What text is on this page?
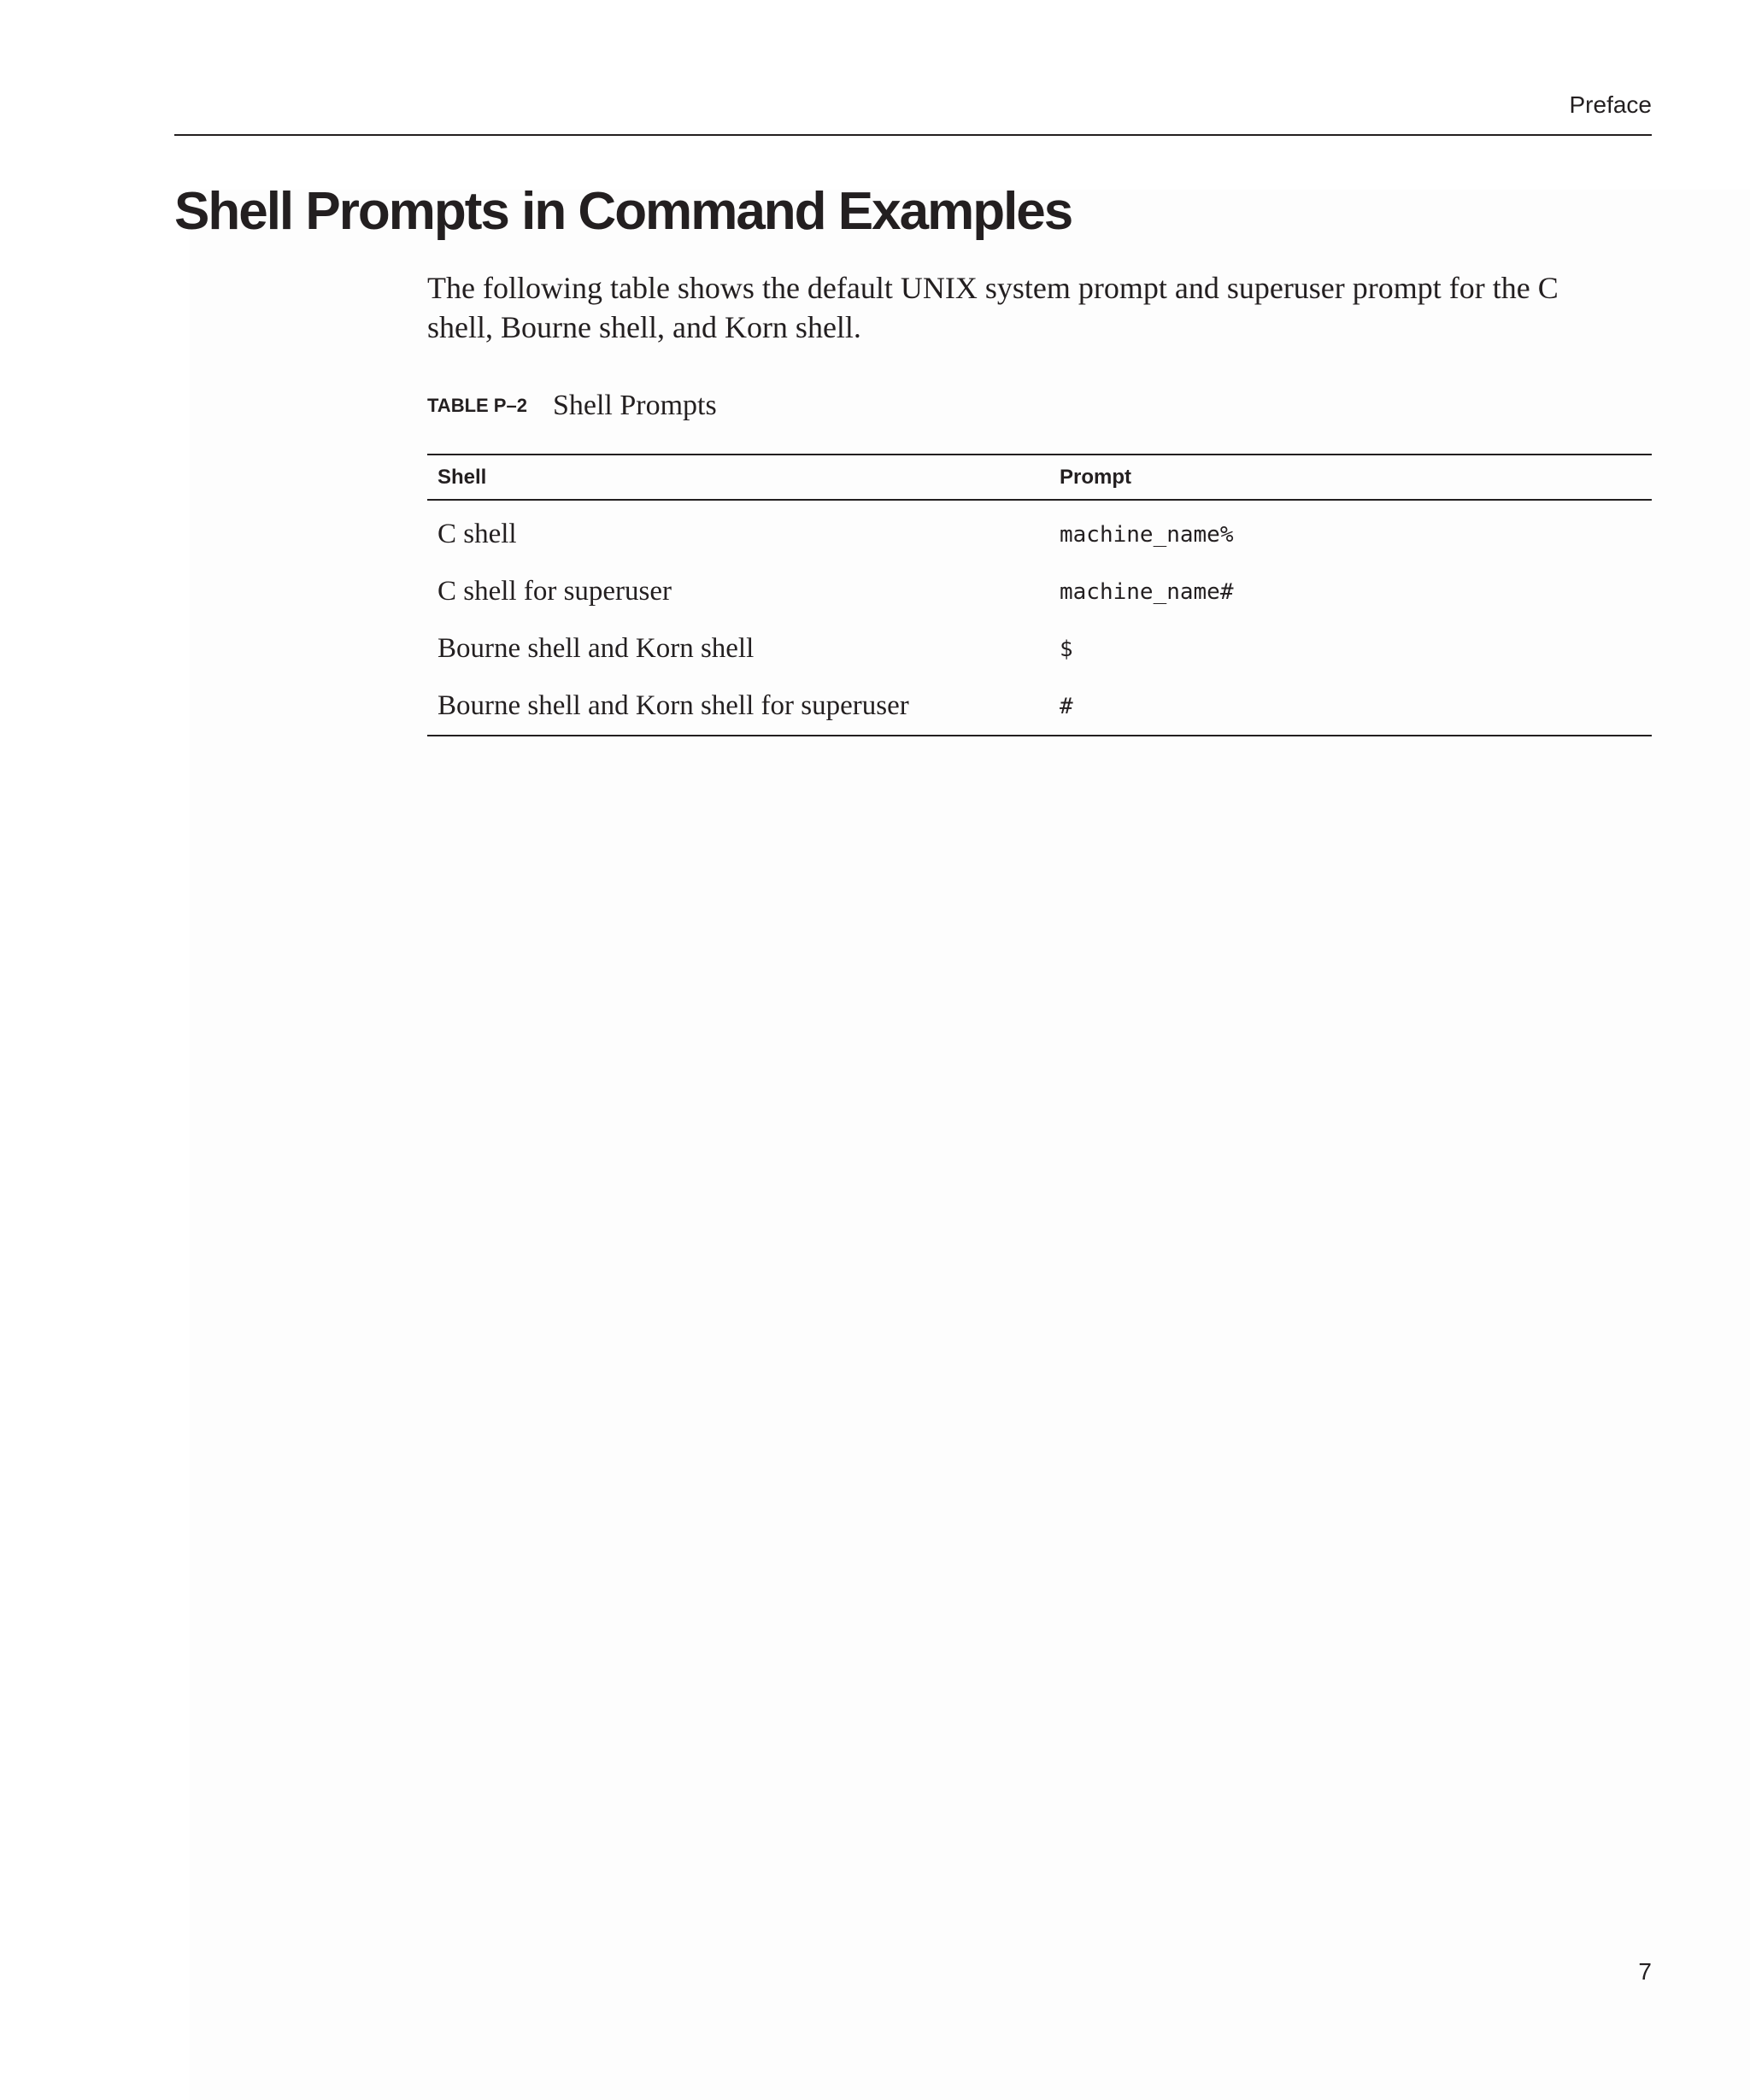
Preface
Shell Prompts in Command Examples

The following table shows the default UNIX system prompt and superuser prompt for the C shell, Bourne shell, and Korn shell.

TABLE P–2 Shell Prompts
Shell	Prompt
C shell	machine_name%
C shell for superuser	machine_name#
Bourne shell and Korn shell	$
Bourne shell and Korn shell for superuser	#
7
